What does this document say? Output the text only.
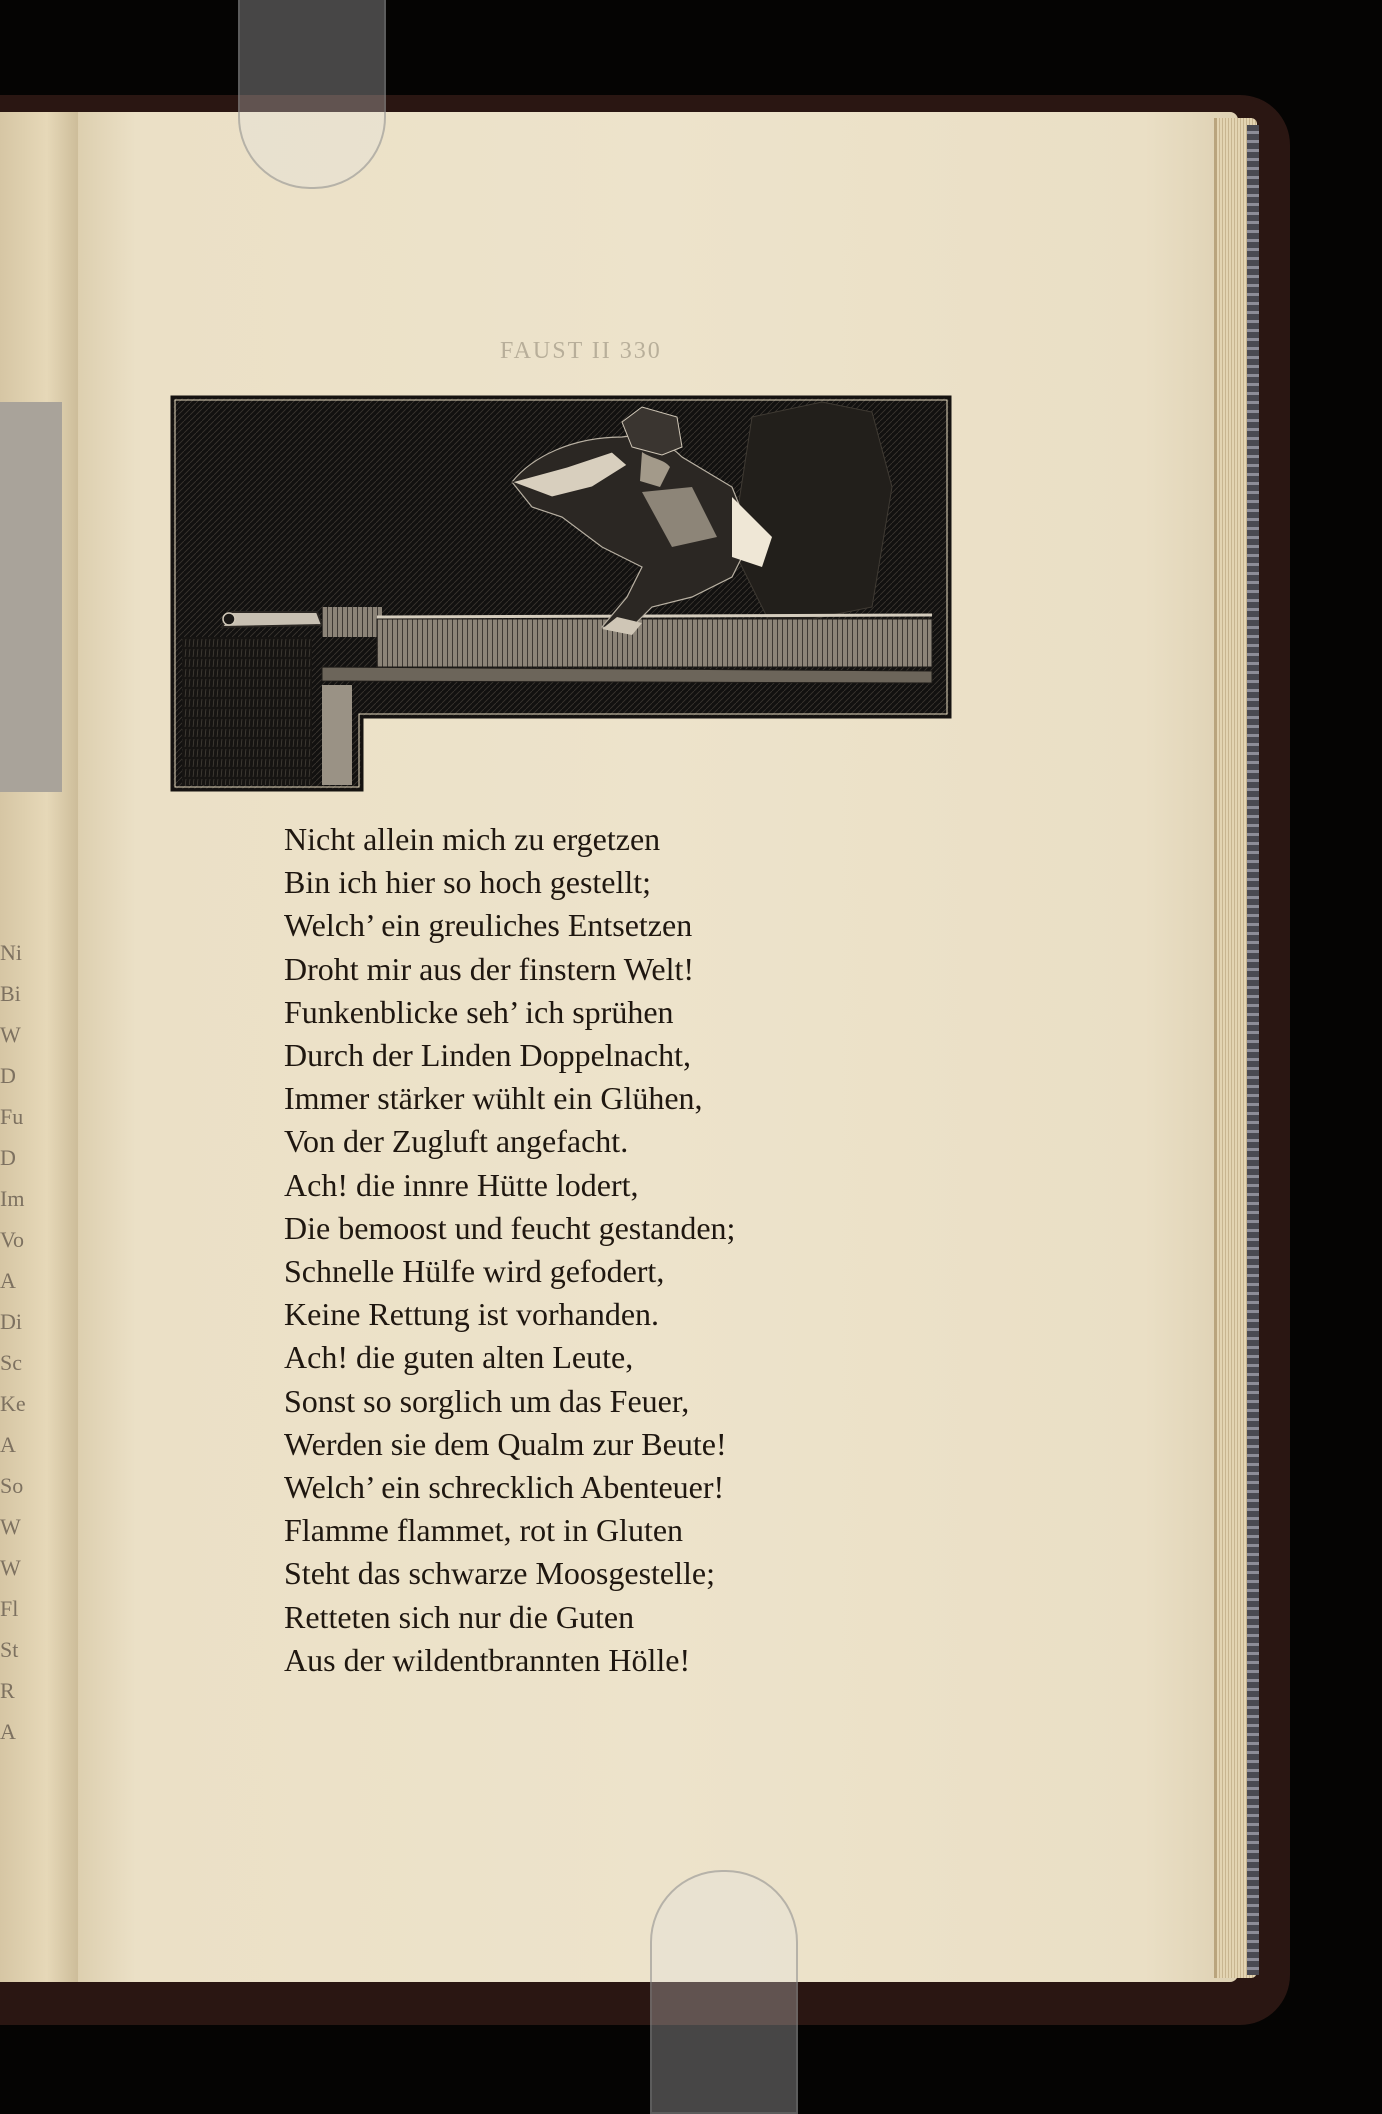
Ni
Bi
W
D
Fu
D
Im
Vo
A
Di
Sc
Ke
A
So
W
W
Fl
St
R
A
FAUST II 330
Nicht allein mich zu ergetzen
Bin ich hier so hoch gestellt;
Welch’ ein greuliches Entsetzen
Droht mir aus der finstern Welt!
Funkenblicke seh’ ich sprühen
Durch der Linden Doppelnacht,
Immer stärker wühlt ein Glühen,
Von der Zugluft angefacht.
Ach! die innre Hütte lodert,
Die bemoost und feucht gestanden;
Schnelle Hülfe wird gefodert,
Keine Rettung ist vorhanden.
Ach! die guten alten Leute,
Sonst so sorglich um das Feuer,
Werden sie dem Qualm zur Beute!
Welch’ ein schrecklich Abenteuer!
Flamme flammet, rot in Gluten
Steht das schwarze Moosgestelle;
Retteten sich nur die Guten
Aus der wildentbrannten Hölle!
